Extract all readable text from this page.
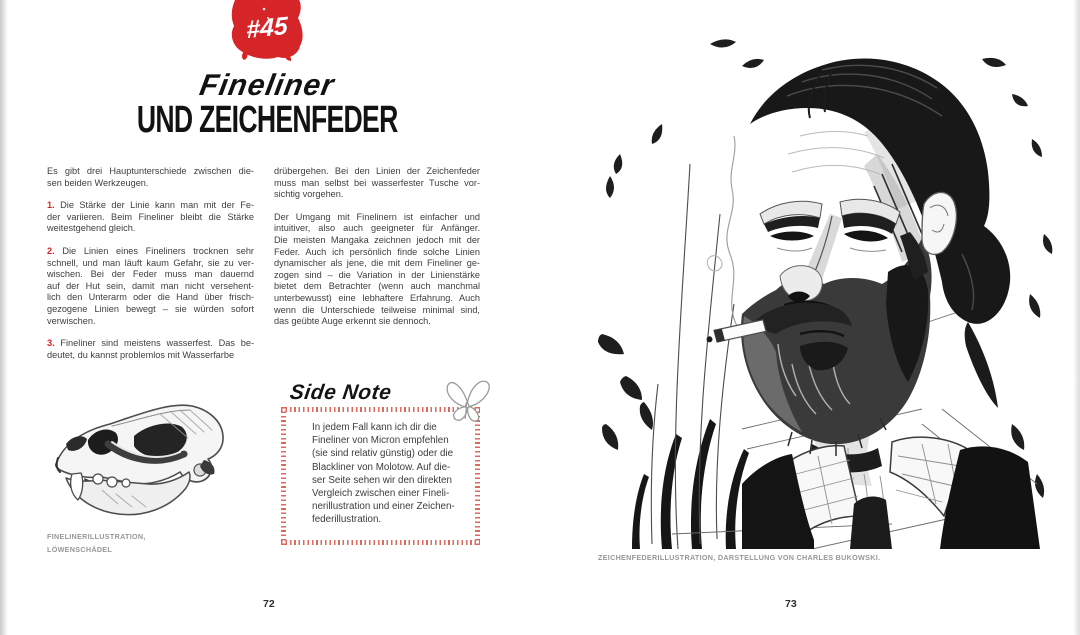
#45
Fineliner
UND ZEICHENFEDER
Es gibt drei Hauptunterschiede zwischen die-
sen beiden Werkzeugen.
1. Die Stärke der Linie kann man mit der Fe-
der variieren. Beim Fineliner bleibt die Stärke
weitestgehend gleich.
2. Die Linien eines Fineliners trocknen sehr
schnell, und man läuft kaum Gefahr, sie zu ver-
wischen. Bei der Feder muss man dauernd
auf der Hut sein, damit man nicht versehent-
lich den Unterarm oder die Hand über frisch-
gezogene Linien bewegt – sie würden sofort
verwischen.
3. Fineliner sind meistens wasserfest. Das be-
deutet, du kannst problemlos mit Wasserfarbe
drübergehen. Bei den Linien der Zeichenfeder
muss man selbst bei wasserfester Tusche vor-
sichtig vorgehen.
Der Umgang mit Finelinern ist einfacher und
intuitiver, also auch geeigneter für Anfänger.
Die meisten Mangaka zeichnen jedoch mit der
Feder. Auch ich persönlich finde solche Linien
dynamischer als jene, die mit dem Fineliner ge-
zogen sind – die Variation in der Linienstärke
bietet dem Betrachter (wenn auch manchmal
unterbewusst) eine lebhaftere Erfahrung. Auch
wenn die Unterschiede teilweise minimal sind,
das geübte Auge erkennt sie dennoch.
Side Note
In jedem Fall kann ich dir die
Fineliner von Micron empfehlen
(sie sind relativ günstig) oder die
Blackliner von Molotow. Auf die-
ser Seite sehen wir den direkten
Vergleich zwischen einer Fineli-
nerillustration und einer Zeichen-
federillustration.
FINELINERILLUSTRATION,
LÖWENSCHÄDEL
72
ZEICHENFEDERILLUSTRATION, DARSTELLUNG VON CHARLES BUKOWSKI.
73
